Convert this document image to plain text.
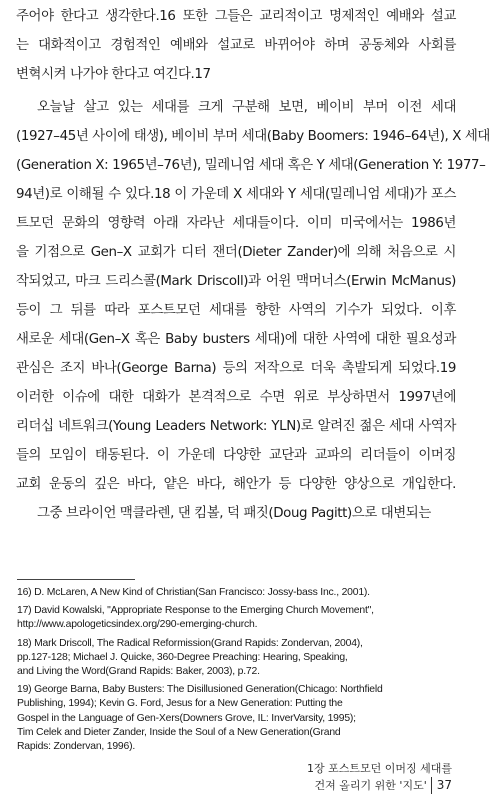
주어야 한다고 생각한다.16 또한 그들은 교리적이고 명제적인 예배와 설교
는 대화적이고 경험적인 예배와 설교로 바뀌어야 하며 공동체와 사회를
변혁시켜 나가야 한다고 여긴다.17
오늘날 살고 있는 세대를 크게 구분해 보면, 베이비 부머 이전 세대
(1927–45년 사이에 태생), 베이비 부머 세대(Baby Boomers: 1946–64년), X 세대
(Generation X: 1965년–76년), 밀레니엄 세대 혹은 Y 세대(Generation Y: 1977–
94년)로 이해될 수 있다.18 이 가운데 X 세대와 Y 세대(밀레니엄 세대)가 포스
트모던 문화의 영향력 아래 자라난 세대들이다. 이미 미국에서는 1986년
을 기점으로 Gen–X 교회가 디터 잰더(Dieter Zander)에 의해 처음으로 시
작되었고, 마크 드리스콜(Mark Driscoll)과 어윈 맥머너스(Erwin McManus)
등이 그 뒤를 따라 포스트모던 세대를 향한 사역의 기수가 되었다. 이후
새로운 세대(Gen–X 혹은 Baby busters 세대)에 대한 사역에 대한 필요성과
관심은 조지 바나(George Barna) 등의 저작으로 더욱 촉발되게 되었다.19
이러한 이슈에 대한 대화가 본격적으로 수면 위로 부상하면서 1997년에
리더십 네트워크(Young Leaders Network: YLN)로 알려진 젊은 세대 사역자
들의 모임이 태동된다. 이 가운데 다양한 교단과 교파의 리더들이 이머징
교회 운동의 깊은 바다, 얕은 바다, 해안가 등 다양한 양상으로 개입한다.
그중 브라이언 맥클라렌, 댄 킴볼, 덕 패짓(Doug Pagitt)으로 대변되는
16) D. McLaren, A New Kind of Christian(San Francisco: Jossy-bass Inc., 2001).
17) David Kowalski, "Appropriate Response to the Emerging Church Movement",
http://www.apologeticsindex.org/290-emerging-church.
18) Mark Driscoll, The Radical Reformission(Grand Rapids: Zondervan, 2004),
pp.127-128; Michael J. Quicke, 360-Degree Preaching: Hearing, Speaking,
and Living the Word(Grand Rapids: Baker, 2003), p.72.
19) George Barna, Baby Busters: The Disillusioned Generation(Chicago: Northfield
Publishing, 1994); Kevin G. Ford, Jesus for a New Generation: Putting the
Gospel in the Language of Gen-Xers(Downers Grove, IL: InverVarsity, 1995);
Tim Celek and Dieter Zander, Inside the Soul of a New Generation(Grand
Rapids: Zondervan, 1996).
1장 포스트모던 이머징 세대를
건져 올리기 위한 '지도' 37
